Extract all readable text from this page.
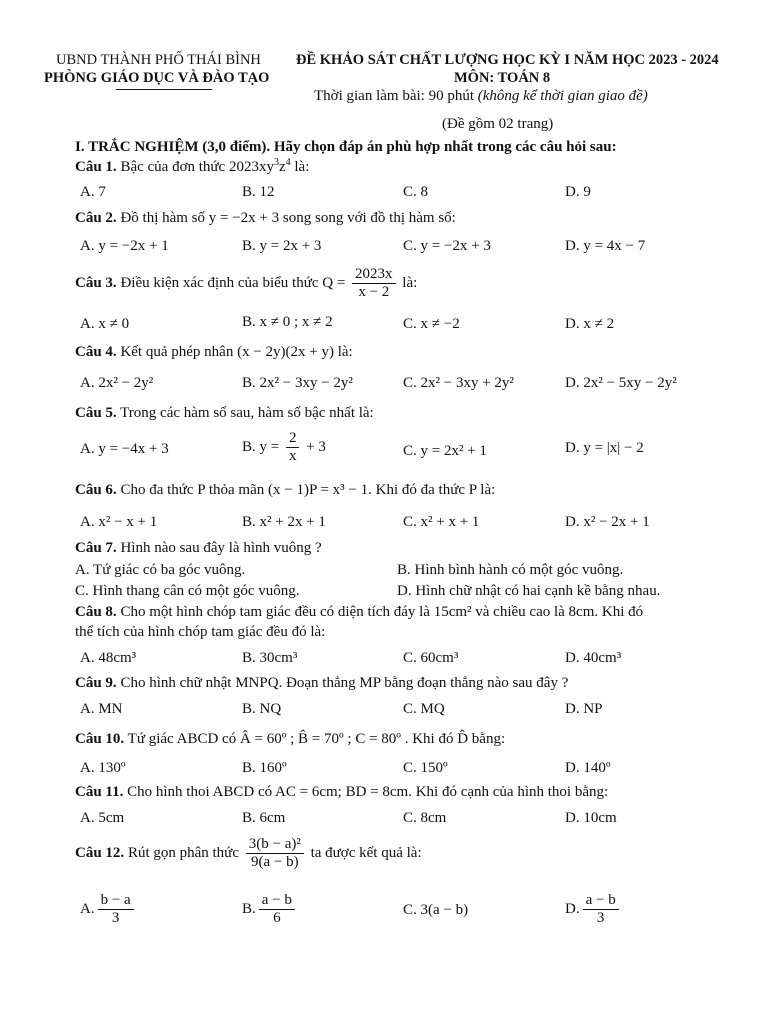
UBND THÀNH PHỐ THÁI BÌNH
PHÒNG GIÁO DỤC VÀ ĐÀO TẠO
ĐỀ KHẢO SÁT CHẤT LƯỢNG HỌC KỲ I NĂM HỌC 2023 - 2024
MÔN: TOÁN 8
Thời gian làm bài: 90 phút (không kể thời gian giao đề)
(Đề gồm 02 trang)
I. TRẮC NGHIỆM (3,0 điểm). Hãy chọn đáp án phù hợp nhất trong các câu hỏi sau:
Câu 1. Bậc của đơn thức $2023xy^3z^4$ là:
A. 7	B. 12	C. 8	D. 9
Câu 2. Đồ thị hàm số y = −2x + 3 song song với đồ thị hàm số:
A. y = −2x + 1	B. y = 2x + 3	C. y = −2x + 3	D. y = 4x − 7
Câu 3. Điều kiện xác định của biểu thức $Q = \frac{2023x}{x - 2}$ là:
A. x ≠ 0	B. x ≠ 0 ; x ≠ 2	C. x ≠ −2	D. x ≠ 2
Câu 4. Kết quả phép nhân (x − 2y)(2x + y) là:
A. 2x² − 2y²	B. 2x² − 3xy − 2y²	C. 2x² − 3xy + 2y²	D. 2x² − 5xy − 2y²
Câu 5. Trong các hàm số sau, hàm số bậc nhất là:
A. y = −4x + 3	B. $y = \frac{2}{x} + 3$	C. y = 2x² + 1	D. y = |x| − 2
Câu 6. Cho đa thức P thỏa mãn (x − 1)P = x³ − 1. Khi đó đa thức P là:
A. x² − x + 1	B. x² + 2x + 1	C. x² + x + 1	D. x² − 2x + 1
Câu 7. Hình nào sau đây là hình vuông ?
A. Tứ giác có ba góc vuông.	B. Hình bình hành có một góc vuông.
C. Hình thang cân có một góc vuông.	D. Hình chữ nhật có hai cạnh kề bằng nhau.
Câu 8. Cho một hình chóp tam giác đều có diện tích đáy là 15cm² và chiều cao là 8cm. Khi đó
thể tích của hình chóp tam giác đều đó là:
A. 48cm³	B. 30cm³	C. 60cm³	D. 40cm³
Câu 9. Cho hình chữ nhật MNPQ. Đoạn thẳng MP bằng đoạn thẳng nào sau đây ?
A. MN	B. NQ	C. MQ	D. NP
Câu 10. Tứ giác ABCD có Â = 60º ; B̂ = 70º ; C = 80º . Khi đó D̂ bằng:
A. 130º	B. 160º	C. 150º	D. 140º
Câu 11. Cho hình thoi ABCD có AC = 6cm; BD = 8cm. Khi đó cạnh của hình thoi bằng:
A. 5cm	B. 6cm	C. 8cm	D. 10cm
Câu 12. Rút gọn phân thức $\frac{\text{3(b − a)²}}{9(a - b)}$ ta được kết quả là:
A. $\frac{b - a}{3}$	B. $\frac{a - b}{6}$	C. 3(a − b)	D. $\frac{a - b}{3}$
